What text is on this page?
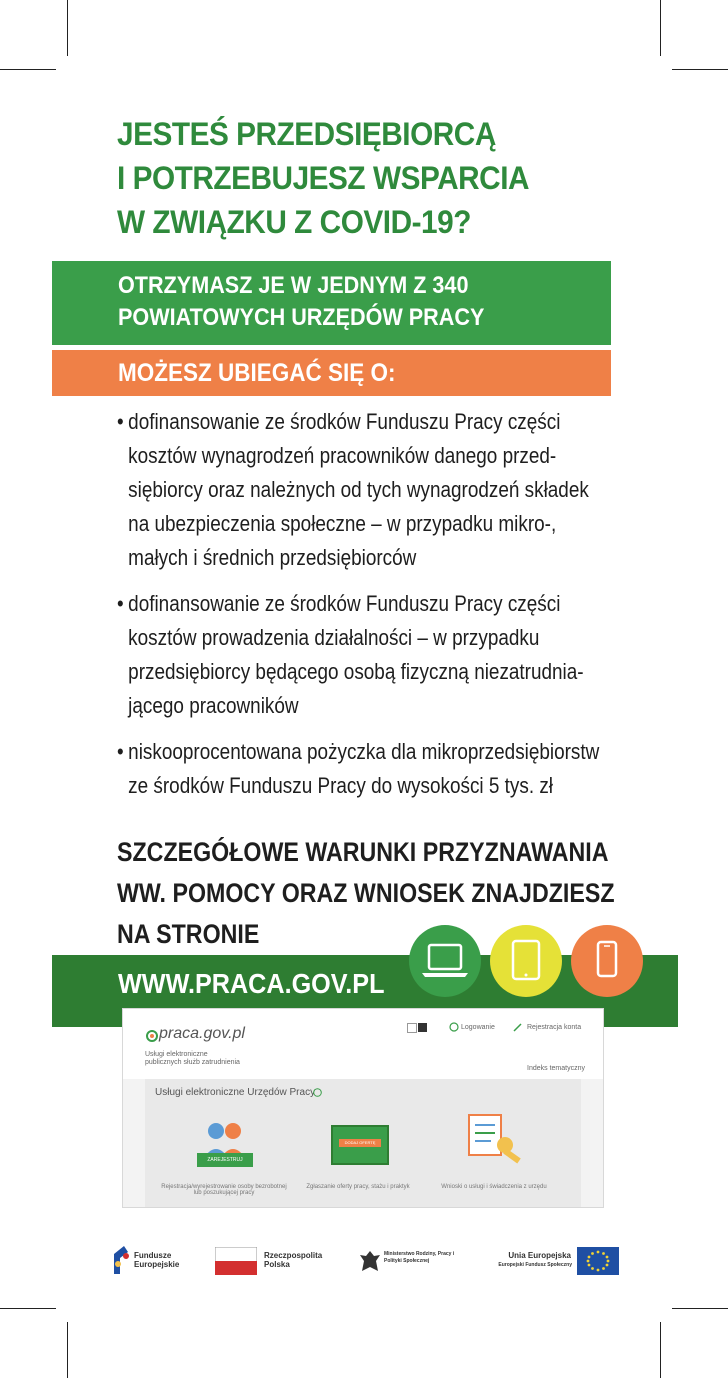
JESTEŚ PRZEDSIĘBIORCĄ
I POTRZEBUJESZ WSPARCIA
W ZWIĄZKU Z COVID-19?
OTRZYMASZ JE W JEDNYM Z 340
POWIATOWYCH URZĘDÓW PRACY
MOŻESZ UBIEGAĆ SIĘ O:
• dofinansowanie ze środków Funduszu Pracy części
kosztów wynagrodzeń pracowników danego przed-
siębiorcy oraz należnych od tych wynagrodzeń składek
na ubezpieczenia społeczne – w przypadku mikro-,
małych i średnich przedsiębiorców
• dofinansowanie ze środków Funduszu Pracy części
kosztów prowadzenia działalności – w przypadku
przedsiębiorcy będącego osobą fizyczną niezatrudnia-
jącego pracowników
• niskooprocentowana pożyczka dla mikroprzedsiębiorstw
ze środków Funduszu Pracy do wysokości 5 tys. zł
SZCZEGÓŁOWE WARUNKI PRZYZNAWANIA
WW. POMOCY ORAZ WNIOSEK ZNAJDZIESZ
NA STRONIE
WWW.PRACA.GOV.PL
praca.gov.pl
Usługi elektroniczne publicznych służb zatrudnienia
Logowanie	Rejestracja konta
Indeks tematyczny
Usługi elektroniczne Urzędów Pracy
ZAREJESTRUJ
Rejestracja/wyrejestrowanie osoby bezrobotnej lub poszukującej pracy
DODAJ OFERTĘ
Zgłaszanie oferty pracy, stażu i praktyk	Wnioski o usługi i świadczenia z urzędu
Fundusze Europejskie
Rzeczpospolita Polska
Ministerstwo Rodziny, Pracy i Polityki Społecznej
Unia Europejska
Europejski Fundusz Społeczny
